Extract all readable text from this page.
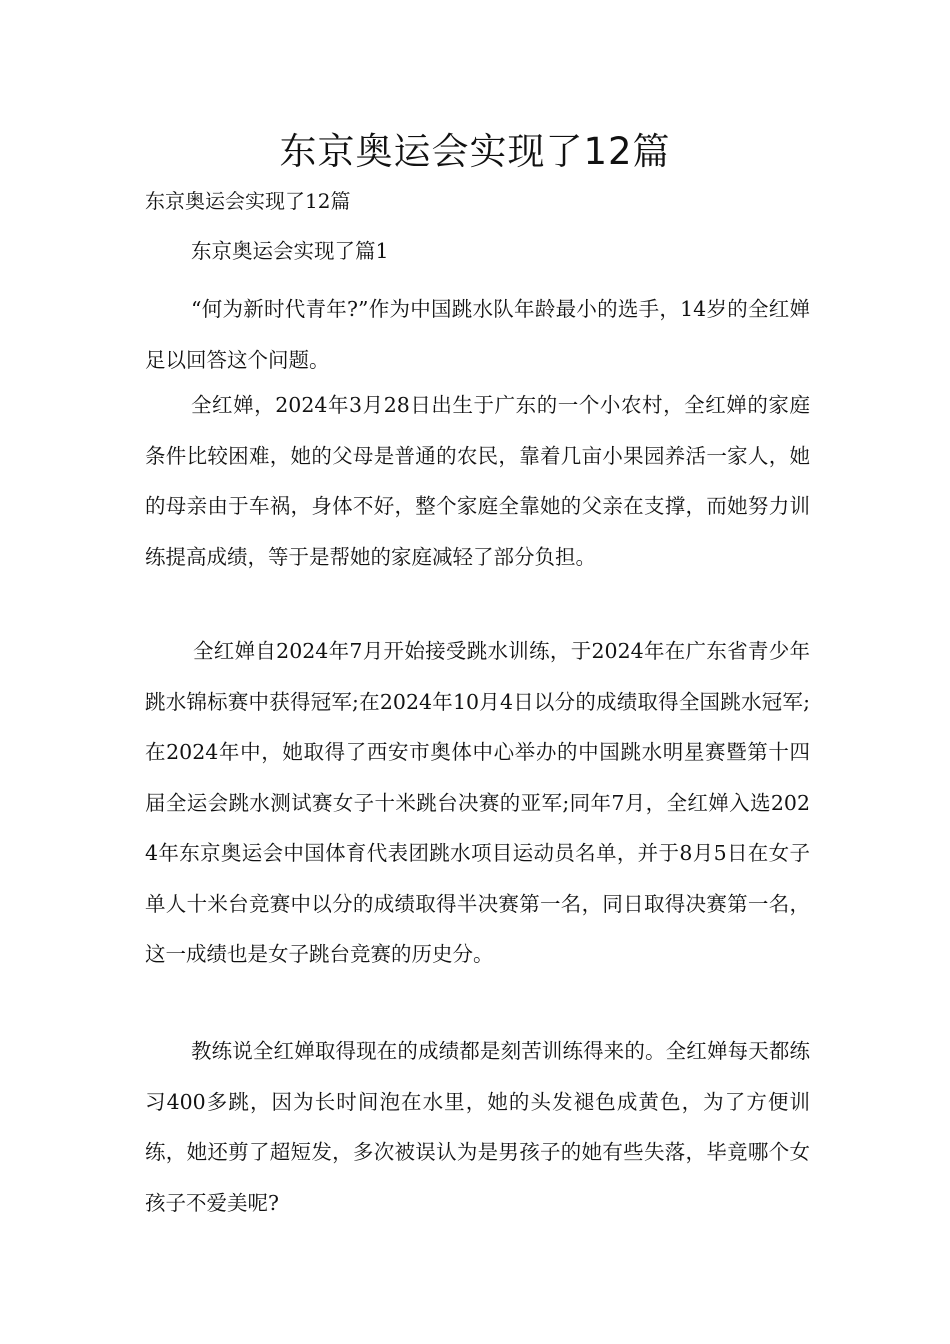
东京奥运会实现了12篇

东京奥运会实现了12篇

东京奥运会实现了篇1

“何为新时代青年?”作为中国跳水队年龄最小的选手，14岁的全红婵足以回答这个问题。

全红婵，2024年3月28日出生于广东的一个小农村，全红婵的家庭条件比较困难，她的父母是普通的农民，靠着几亩小果园养活一家人，她的母亲由于车祸，身体不好，整个家庭全靠她的父亲在支撑，而她努力训练提高成绩，等于是帮她的家庭减轻了部分负担。

全红婵自2024年7月开始接受跳水训练，于2024年在广东省青少年跳水锦标赛中获得冠军;在2024年10月4日以分的成绩取得全国跳水冠军;在2024年中，她取得了西安市奥体中心举办的中国跳水明星赛暨第十四届全运会跳水测试赛女子十米跳台决赛的亚军;同年7月，全红婵入选2024年东京奥运会中国体育代表团跳水项目运动员名单，并于8月5日在女子单人十米台竞赛中以分的成绩取得半决赛第一名，同日取得决赛第一名，这一成绩也是女子跳台竞赛的历史分。

教练说全红婵取得现在的成绩都是刻苦训练得来的。全红婵每天都练习400多跳，因为长时间泡在水里，她的头发褪色成黄色，为了方便训练，她还剪了超短发，多次被误认为是男孩子的她有些失落，毕竟哪个女孩子不爱美呢?
